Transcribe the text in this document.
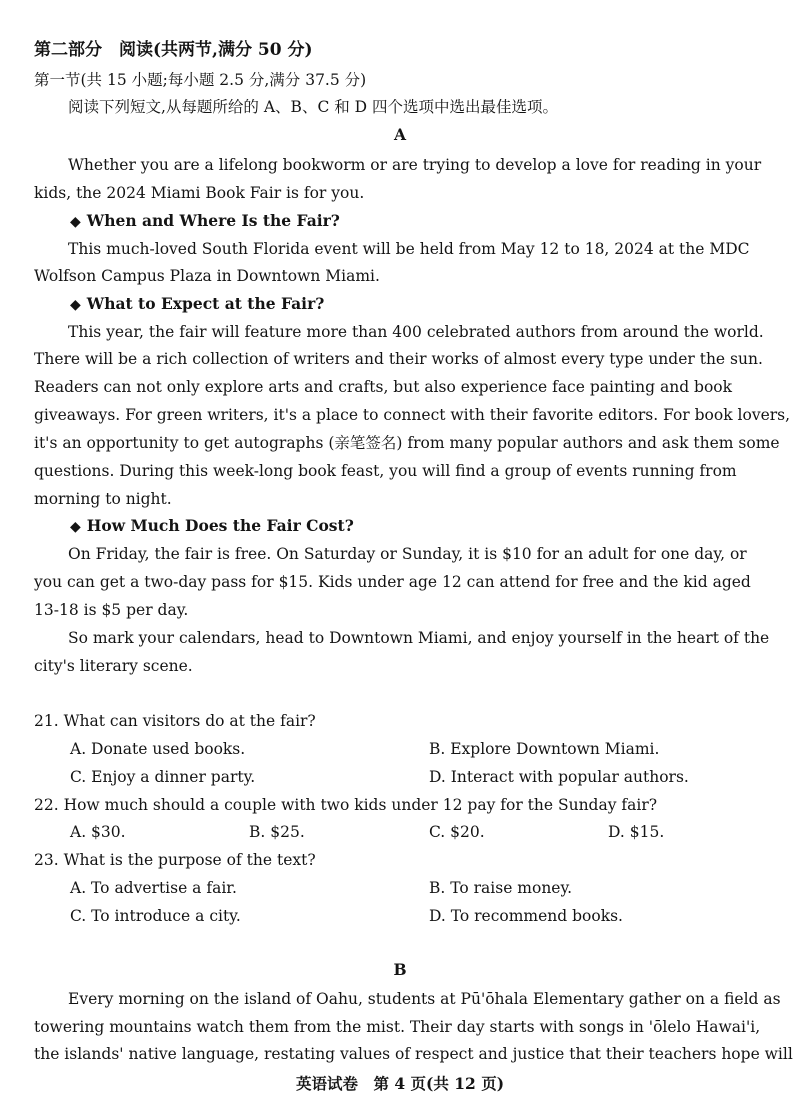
第二部分　阅读(共两节,满分 50 分)
第一节(共 15 小题;每小题 2.5 分,满分 37.5 分)
阅读下列短文,从每题所给的 A、B、C 和 D 四个选项中选出最佳选项。
A
Whether you are a lifelong bookworm or are trying to develop a love for reading in your
kids, the 2024 Miami Book Fair is for you.
◆ When and Where Is the Fair?
This much-loved South Florida event will be held from May 12 to 18, 2024 at the MDC
Wolfson Campus Plaza in Downtown Miami.
◆ What to Expect at the Fair?
This year, the fair will feature more than 400 celebrated authors from around the world.
There will be a rich collection of writers and their works of almost every type under the sun.
Readers can not only explore arts and crafts, but also experience face painting and book
giveaways. For green writers, it's a place to connect with their favorite editors. For book lovers,
it's an opportunity to get autographs (亲笔签名) from many popular authors and ask them some
questions. During this week-long book feast, you will find a group of events running from
morning to night.
◆ How Much Does the Fair Cost?
On Friday, the fair is free. On Saturday or Sunday, it is $10 for an adult for one day, or
you can get a two-day pass for $15. Kids under age 12 can attend for free and the kid aged
13-18 is $5 per day.
So mark your calendars, head to Downtown Miami, and enjoy yourself in the heart of the
city's literary scene.
21. What can visitors do at the fair?
A. Donate used books.	B. Explore Downtown Miami.
C. Enjoy a dinner party.	D. Interact with popular authors.
22. How much should a couple with two kids under 12 pay for the Sunday fair?
A. $30.	B. $25.	C. $20.	D. $15.
23. What is the purpose of the text?
A. To advertise a fair.	B. To raise money.
C. To introduce a city.	D. To recommend books.
B
Every morning on the island of Oahu, students at Pū'ōhala Elementary gather on a field as
towering mountains watch them from the mist. Their day starts with songs in 'ōlelo Hawai'i,
the islands' native language, restating values of respect and justice that their teachers hope will
英语试卷　第 4 页(共 12 页)
